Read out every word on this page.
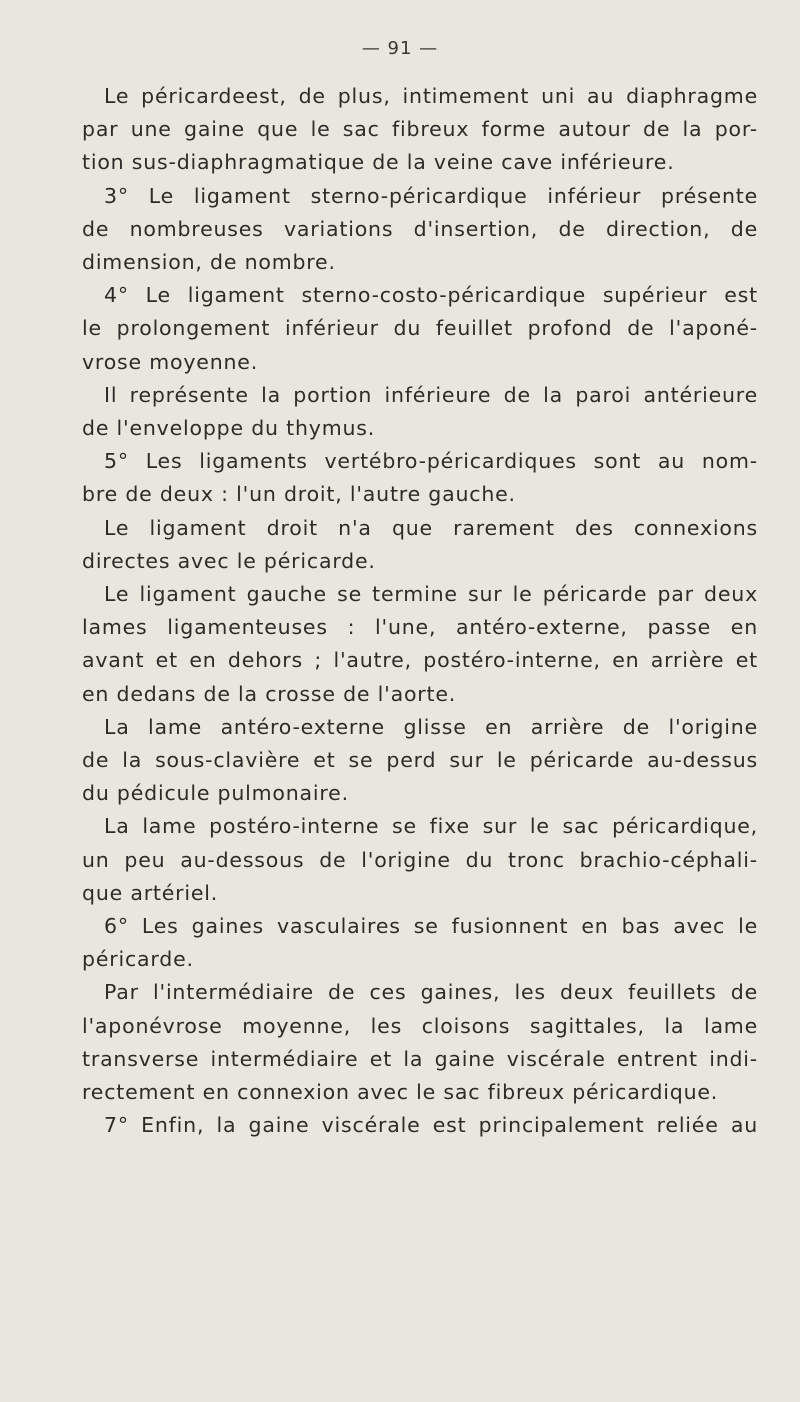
— 91 —
Le péricardeest, de plus, intimement uni au diaphragme
par une gaine que le sac fibreux forme autour de la por-
tion sus-diaphragmatique de la veine cave inférieure.
3° Le ligament sterno-péricardique inférieur présente
de nombreuses variations d'insertion, de direction, de
dimension, de nombre.
4° Le ligament sterno-costo-péricardique supérieur est
le prolongement inférieur du feuillet profond de l'aponé-
vrose moyenne.
Il représente la portion inférieure de la paroi antérieure
de l'enveloppe du thymus.
5° Les ligaments vertébro-péricardiques sont au nom-
bre de deux : l'un droit, l'autre gauche.
Le ligament droit n'a que rarement des connexions
directes avec le péricarde.
Le ligament gauche se termine sur le péricarde par deux
lames ligamenteuses : l'une, antéro-externe, passe en
avant et en dehors ; l'autre, postéro-interne, en arrière et
en dedans de la crosse de l'aorte.
La lame antéro-externe glisse en arrière de l'origine
de la sous-clavière et se perd sur le péricarde au-dessus
du pédicule pulmonaire.
La lame postéro-interne se fixe sur le sac péricardique,
un peu au-dessous de l'origine du tronc brachio-céphali-
que artériel.
6° Les gaines vasculaires se fusionnent en bas avec le
péricarde.
Par l'intermédiaire de ces gaines, les deux feuillets de
l'aponévrose moyenne, les cloisons sagittales, la lame
transverse intermédiaire et la gaine viscérale entrent indi-
rectement en connexion avec le sac fibreux péricardique.
7° Enfin, la gaine viscérale est principalement reliée au
